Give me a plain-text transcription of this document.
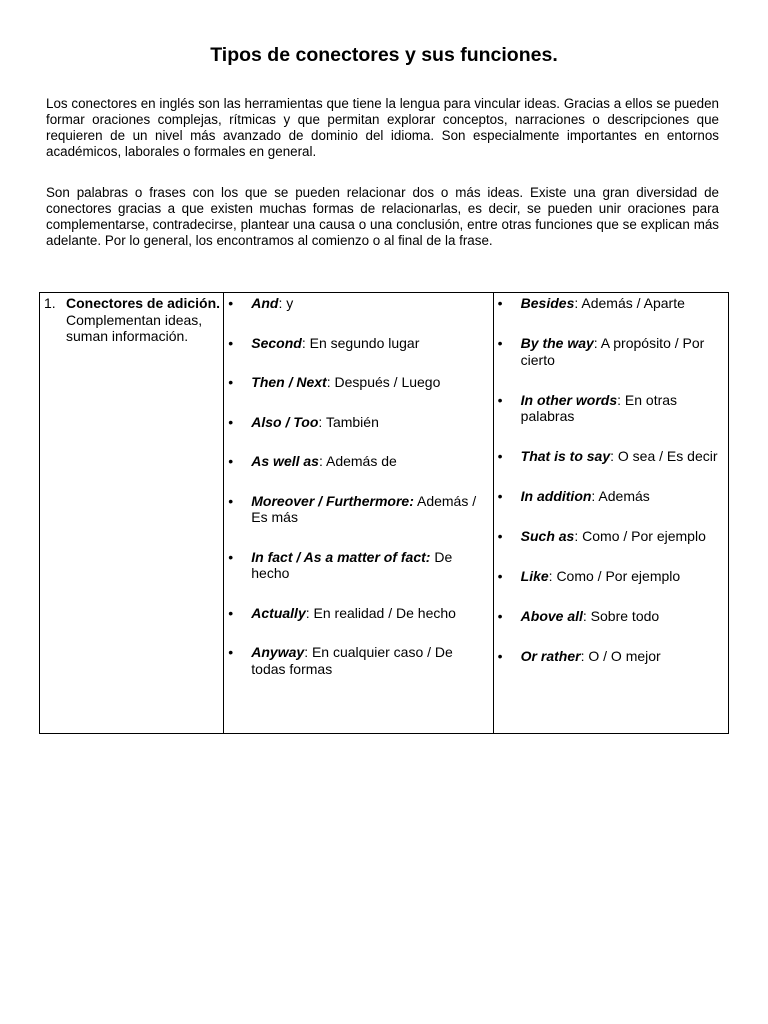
Tipos de conectores y sus funciones.

Los conectores en inglés son las herramientas que tiene la lengua para vincular ideas. Gracias a ellos se pueden formar oraciones complejas, rítmicas y que permitan explorar conceptos, narraciones o descripciones que requieren de un nivel más avanzado de dominio del idioma. Son especialmente importantes en entornos académicos, laborales o formales en general.

Son palabras o frases con los que se pueden relacionar dos o más ideas. Existe una gran diversidad de conectores gracias a que existen muchas formas de relacionarlas, es decir, se pueden unir oraciones para complementarse, contradecirse, plantear una causa o una conclusión, entre otras funciones que se explican más adelante. Por lo general, los encontramos al comienzo o al final de la frase.

1. Conectores de adición.
Complementan ideas, suman información.

• And: y
• Second: En segundo lugar
• Then / Next: Después / Luego
• Also / Too: También
• As well as: Además de
• Moreover / Furthermore: Además / Es más
• In fact / As a matter of fact: De hecho
• Actually: En realidad / De hecho
• Anyway: En cualquier caso / De todas formas

• Besides: Además / Aparte
• By the way: A propósito / Por cierto
• In other words: En otras palabras
• That is to say: O sea / Es decir
• In addition: Además
• Such as: Como / Por ejemplo
• Like: Como / Por ejemplo
• Above all: Sobre todo
• Or rather: O / O mejor
